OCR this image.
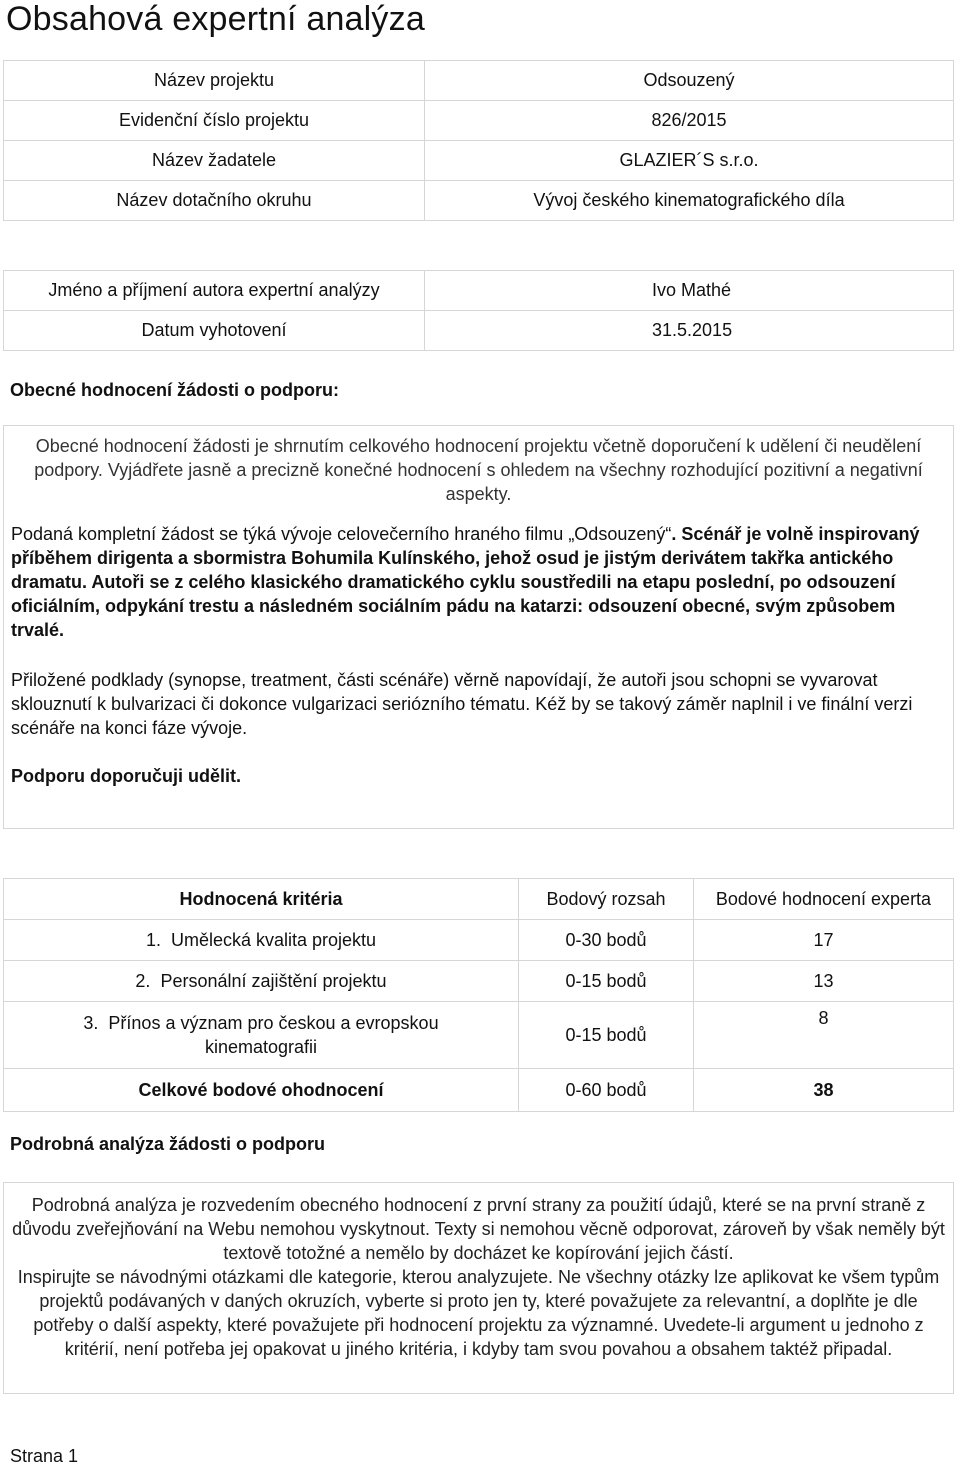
Obsahová expertní analýza
Název projektu	Odsouzený
Evidenční číslo projektu	826/2015
Název žadatele	GLAZIER´S s.r.o.
Název dotačního okruhu	Vývoj českého kinematografického díla
Jméno a příjmení autora expertní analýzy	Ivo Mathé
Datum vyhotovení	31.5.2015
Obecné hodnocení žádosti o podporu:

Obecné hodnocení žádosti je shrnutím celkového hodnocení projektu včetně doporučení k udělení či neudělení podpory. Vyjádřete jasně a precizně konečné hodnocení s ohledem na všechny rozhodující pozitivní a negativní aspekty.

Podaná kompletní žádost se týká vývoje celovečerního hraného filmu „Odsouzený“. Scénář je volně inspirovaný příběhem dirigenta a sbormistra Bohumila Kulínského, jehož osud je jistým derivátem takřka antického dramatu. Autoři se z celého klasického dramatického cyklu soustředili na etapu poslední, po odsouzení oficiálním, odpykání trestu a následném sociálním pádu na katarzi: odsouzení obecné, svým způsobem trvalé.

Přiložené podklady (synopse, treatment, části scénáře) věrně napovídají, že autoři jsou schopni se vyvarovat sklouznutí k bulvarizaci či dokonce vulgarizaci seriózního tématu. Kéž by se takový záměr naplnil i ve finální verzi scénáře na konci fáze vývoje.

Podporu doporučuji udělit.

Hodnocená kritéria	Bodový rozsah	Bodové hodnocení experta
1. Umělecká kvalita projektu	0-30 bodů	17
2. Personální zajištění projektu	0-15 bodů	13
3. Přínos a význam pro českou a evropskou
kinematografii	0-15 bodů	8
Celkové bodové ohodnocení	0-60 bodů	38
Podrobná analýza žádosti o podporu
Podrobná analýza je rozvedením obecného hodnocení z první strany za použití údajů, které se na první straně z důvodu zveřejňování na Webu nemohou vyskytnout. Texty si nemohou věcně odporovat, zároveň by však neměly být textově totožné a nemělo by docházet ke kopírování jejich částí.
Inspirujte se návodnými otázkami dle kategorie, kterou analyzujete. Ne všechny otázky lze aplikovat ke všem typům projektů podávaných v daných okruzích, vyberte si proto jen ty, které považujete za relevantní, a doplňte je dle potřeby o další aspekty, které považujete při hodnocení projektu za významné. Uvedete-li argument u jednoho z kritérií, není potřeba jej opakovat u jiného kritéria, i kdyby tam svou povahou a obsahem taktéž připadal.
Strana 1
